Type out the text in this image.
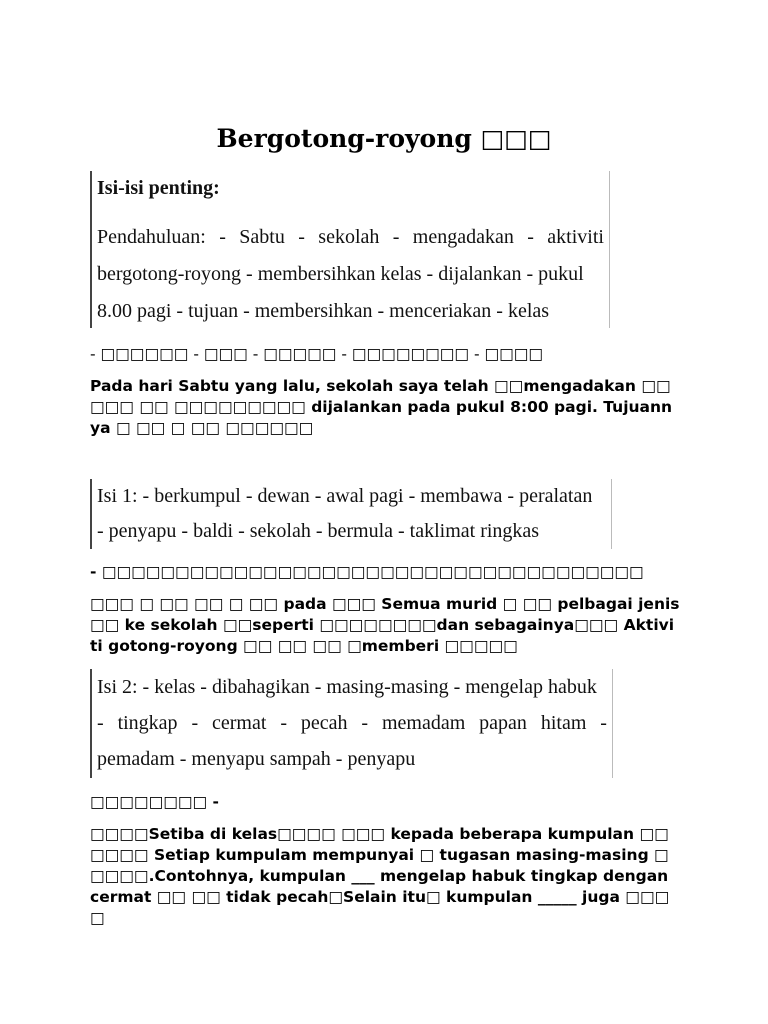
Bergotong-royong □□□
Isi-isi penting:
Pendahuluan: - Sabtu - sekolah - mengadakan - aktiviti
bergotong-royong - membersihkan kelas - dijalankan - pukul
8.00 pagi - tujuan - membersihkan - menceriakan - kelas
- □□□□□□ - □□□ - □□□□□ - □□□□□□□□ - □□□□
Pada hari Sabtu yang lalu, sekolah saya telah □□mengadakan □□□□□ □□ □□□□□□□□□ dijalankan pada pukul 8:00 pagi. Tujuannya □ □□ □ □□ □□□□□□
Isi 1: - berkumpul - dewan - awal pagi - membawa - peralatan
- penyapu - baldi - sekolah - bermula - taklimat ringkas
- □□□□□□□□□□□□□□□□□□□□□□□□□□□□□□□□□□□□□
□□□ □ □□ □□ □ □□ pada □□□ Semua murid □ □□ pelbagai jenis □□ ke sekolah □□seperti □□□□□□□□dan sebagainya□□□ Aktiviti gotong-royong □□ □□ □□ □memberi □□□□□
Isi 2: - kelas - dibahagikan - masing-masing - mengelap habuk
- tingkap - cermat - pecah - memadam papan hitam -
pemadam - menyapu sampah - penyapu
□□□□□□□□ -
□□□□Setiba di kelas□□□□ □□□ kepada beberapa kumpulan □□□□□□ Setiap kumpulam mempunyai □ tugasan masing-masing □□□□□.Contohnya, kumpulan ___ mengelap habuk tingkap dengan cermat □□ □□ tidak pecah□Selain itu□ kumpulan _____ juga □□□ □
